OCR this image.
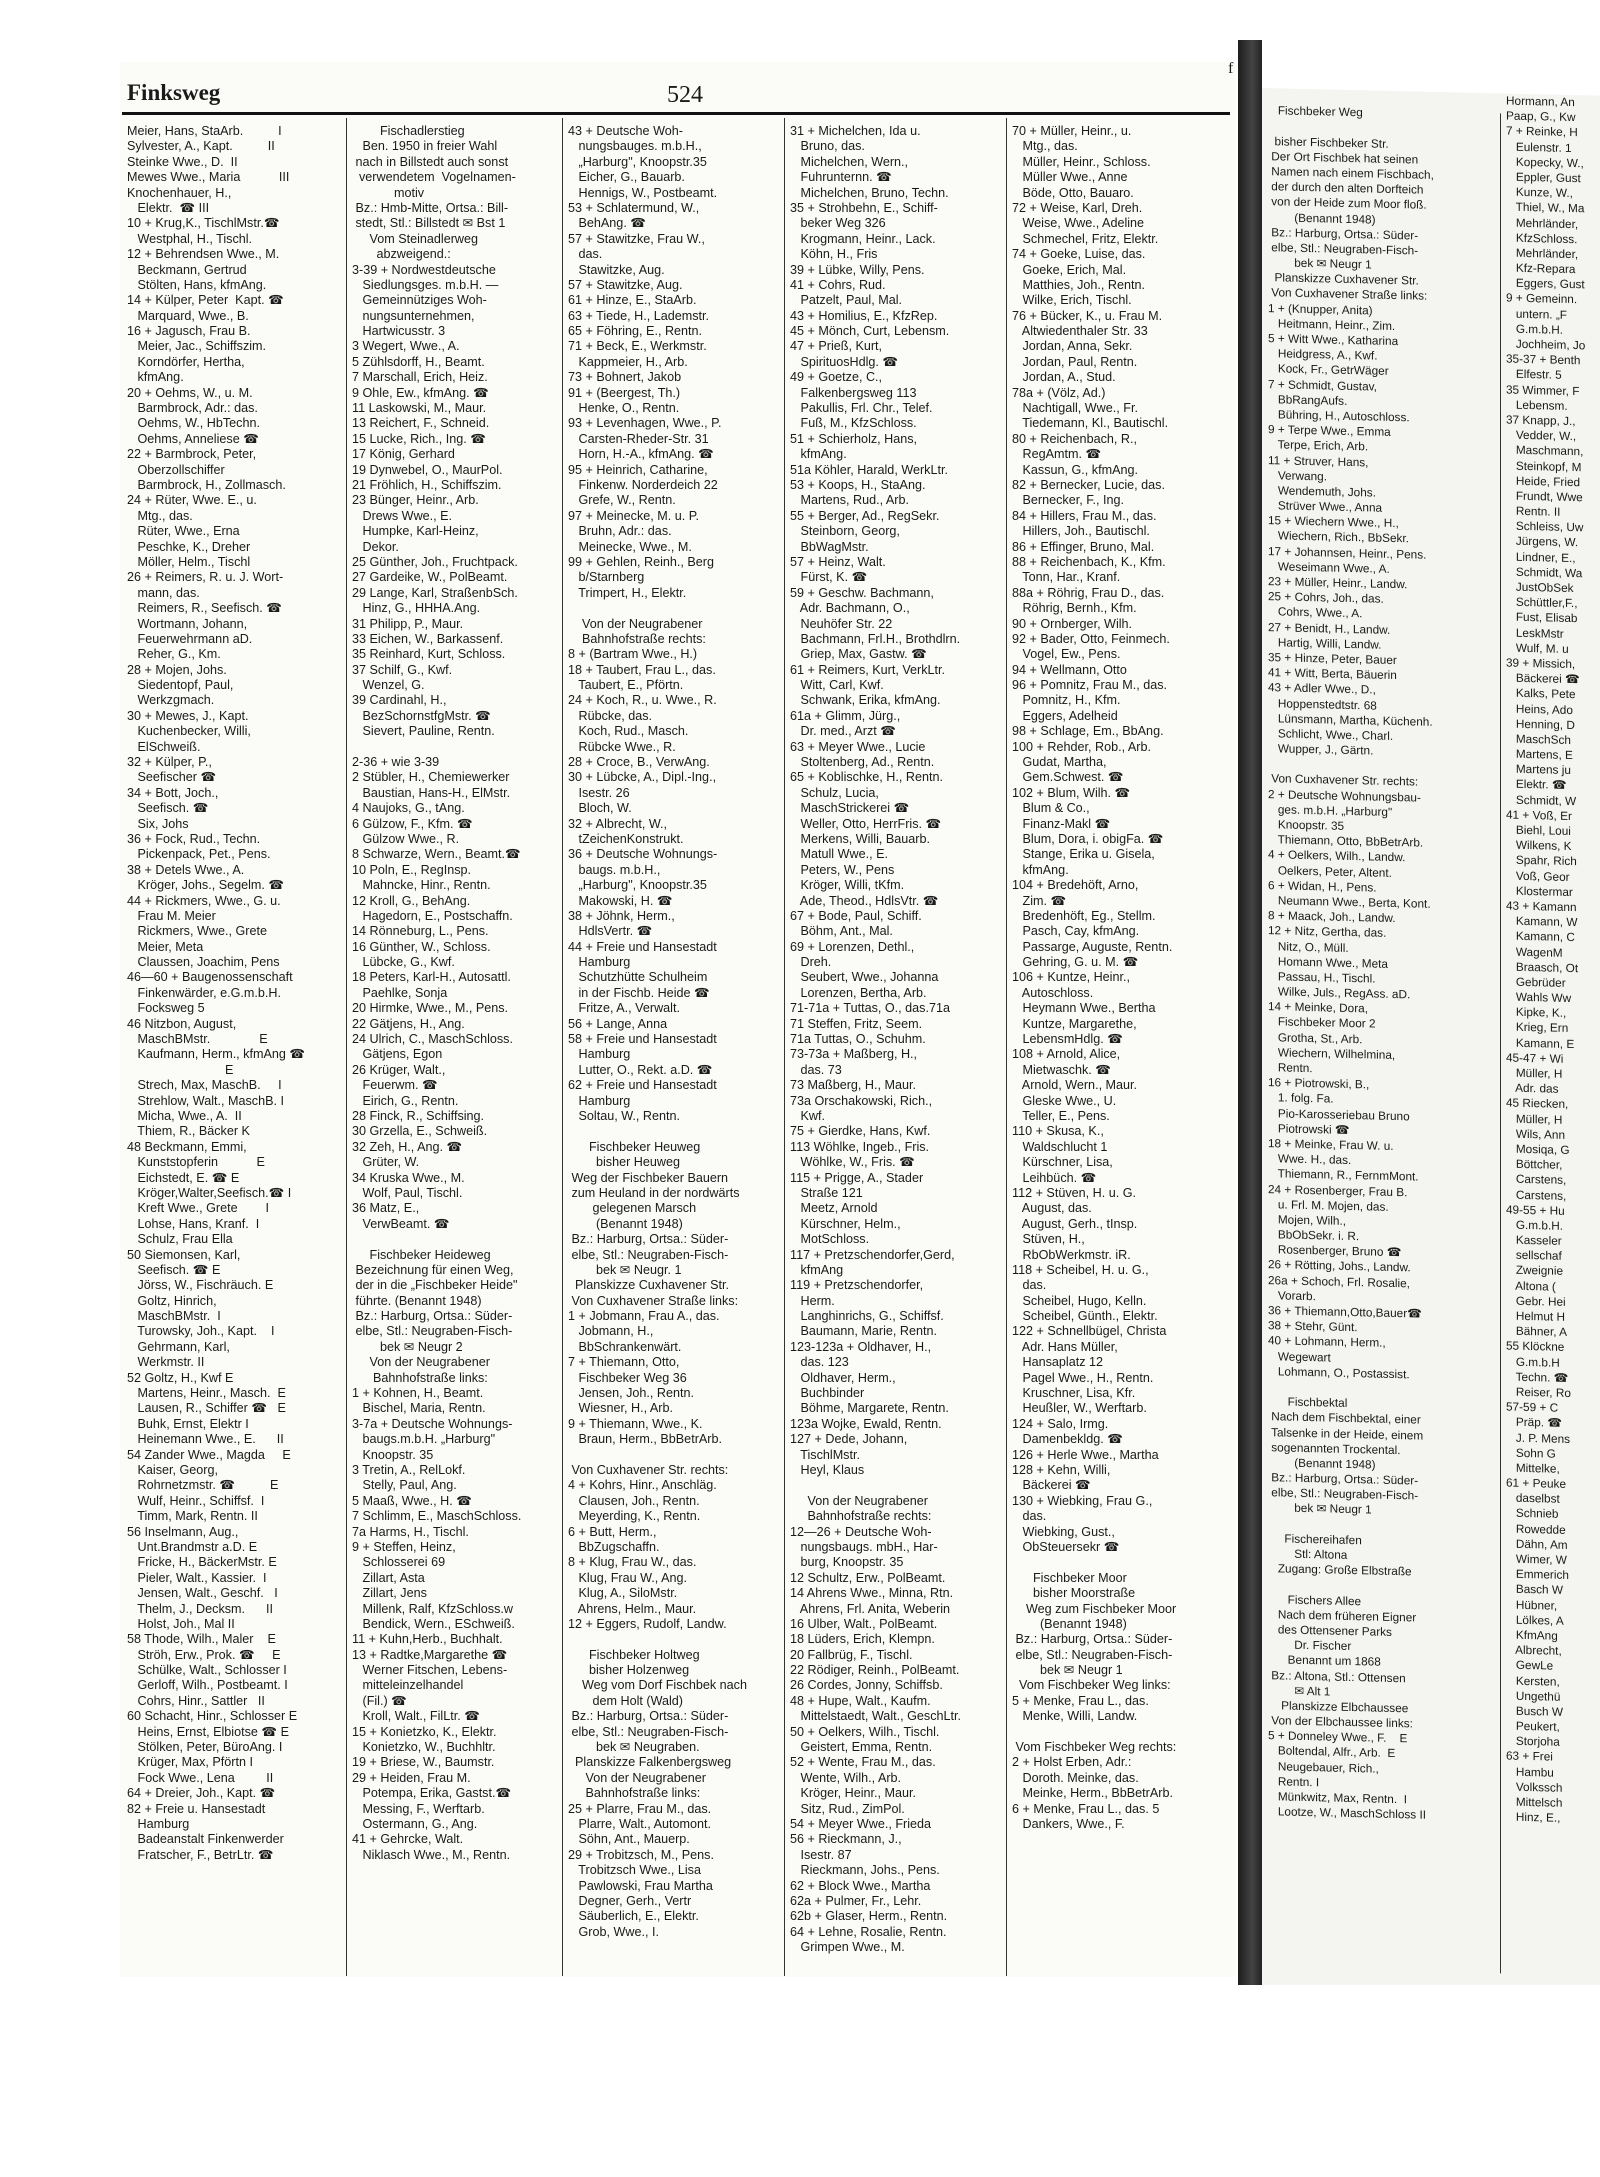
Finksweg	524
f
Meier, Hans, StaArb.          I
Sylvester, A., Kapt.          II
Steinke Wwe., D.  II
Mewes Wwe., Maria           III
Knochenhauer, H.,
Elektr.  ☎ III
10 + Krug,K., TischlMstr.☎
Westphal, H., Tischl.
12 + Behrendsen Wwe., M.
Beckmann, Gertrud
Stölten, Hans, kfmAng.
14 + Külper, Peter  Kapt. ☎
Marquard, Wwe., B.
16 + Jagusch, Frau B.
Meier, Jac., Schiffszim.
Korndörfer, Hertha,
kfmAng.
20 + Oehms, W., u. M.
Barmbrock, Adr.: das.
Oehms, W., HbTechn.
Oehms, Anneliese ☎
22 + Barmbrock, Peter,
Oberzollschiffer
Barmbrock, H., Zollmasch.
24 + Rüter, Wwe. E., u.
Mtg., das.
Rüter, Wwe., Erna
Peschke, K., Dreher
Möller, Helm., Tischl
26 + Reimers, R. u. J. Wort-
mann, das.
Reimers, R., Seefisch. ☎
Wortmann, Johann,
Feuerwehrmann aD.
Reher, G., Km.
28 + Mojen, Johs.
Siedentopf, Paul,
Werkzgmach.
30 + Mewes, J., Kapt.
Kuchenbecker, Willi,
ElSchweiß.
32 + Külper, P.,
Seefischer ☎
34 + Bott, Joch.,
Seefisch. ☎
Six, Johs
36 + Fock, Rud., Techn.
Pickenpack, Pet., Pens.
38 + Detels Wwe., A.
Kröger, Johs., Segelm. ☎
44 + Rickmers, Wwe., G. u.
Frau M. Meier
Rickmers, Wwe., Grete
Meier, Meta
Claussen, Joachim, Pens
46—60 + Baugenossenschaft
Finkenwärder, e.G.m.b.H.
Focksweg 5
46 Nitzbon, August,
MaschBMstr.              E
Kaufmann, Herm., kfmAng ☎
E
Strech, Max, MaschB.     I
Strehlow, Walt., MaschB. I
Micha, Wwe., A.  II
Thiem, R., Bäcker K
48 Beckmann, Emmi,
Kunststopferin           E
Eichstedt, E. ☎ E
Kröger,Walter,Seefisch.☎ I
Kreft Wwe., Grete        I
Lohse, Hans, Kranf.  I
Schulz, Frau Ella
50 Siemonsen, Karl,
Seefisch. ☎ E
Jörss, W., Fischräuch. E
Goltz, Hinrich,
MaschBMstr.  I
Turowsky, Joh., Kapt.    I
Gehrmann, Karl,
Werkmstr. II
52 Goltz, H., Kwf E
Martens, Heinr., Masch.  E
Lausen, R., Schiffer ☎   E
Buhk, Ernst, Elektr I
Heinemann Wwe., E.      II
54 Zander Wwe., Magda     E
Kaiser, Georg,
Rohrnetzmstr. ☎          E
Wulf, Heinr., Schiffsf.  I
Timm, Mark, Rentn. II
56 Inselmann, Aug.,
Unt.Brandmstr a.D. E
Fricke, H., BäckerMstr. E
Pieler, Walt., Kassier.  I
Jensen, Walt., Geschf.   I
Thelm, J., Decksm.      II
Holst, Joh., Mal II
58 Thode, Wilh., Maler    E
Ströh, Erw., Prok. ☎     E
Schülke, Walt., Schlosser I
Gerloff, Wilh., Postbeamt. I
Cohrs, Hinr., Sattler   II
60 Schacht, Hinr., Schlosser E
Heins, Ernst, Elbiotse ☎ E
Stölken, Peter, BüroAng. I
Krüger, Max, Pförtn I
Fock Wwe., Lena         II
64 + Dreier, Joh., Kapt. ☎
82 + Freie u. Hansestadt
Hamburg
Badeanstalt Finkenwerder
Fratscher, F., BetrLtr. ☎
Fischadlerstieg
Ben. 1950 in freier Wahl
nach in Billstedt auch sonst
verwendetem  Vogelnamen-
motiv
Bz.: Hmb-Mitte, Ortsa.: Bill-
stedt, Stl.: Billstedt ✉ Bst 1
Vom Steinadlerweg
abzweigend.:
3-39 + Nordwestdeutsche
Siedlungsges. m.b.H. —
Gemeinnütziges Woh-
nungsunternehmen,
Hartwicusstr. 3
3 Wegert, Wwe., A.
5 Zühlsdorff, H., Beamt.
7 Marschall, Erich, Heiz.
9 Ohle, Ew., kfmAng. ☎
11 Laskowski, M., Maur.
13 Reichert, F., Schneid.
15 Lucke, Rich., Ing. ☎
17 König, Gerhard
19 Dynwebel, O., MaurPol.
21 Fröhlich, H., Schiffszim.
23 Bünger, Heinr., Arb.
Drews Wwe., E.
Humpke, Karl-Heinz,
Dekor.
25 Günther, Joh., Fruchtpack.
27 Gardeike, W., PolBeamt.
29 Lange, Karl, StraßenbSch.
Hinz, G., HHHA.Ang.
31 Philipp, P., Maur.
33 Eichen, W., Barkassenf.
35 Reinhard, Kurt, Schloss.
37 Schilf, G., Kwf.
Wenzel, G.
39 Cardinahl, H.,
BezSchornstfgMstr. ☎
Sievert, Pauline, Rentn.
2-36 + wie 3-39
2 Stübler, H., Chemiewerker
Baustian, Hans-H., ElMstr.
4 Naujoks, G., tAng.
6 Gülzow, F., Kfm. ☎
Gülzow Wwe., R.
8 Schwarze, Wern., Beamt.☎
10 Poln, E., RegInsp.
Mahncke, Hinr., Rentn.
12 Kroll, G., BehAng.
Hagedorn, E., Postschaffn.
14 Rönneburg, L., Pens.
16 Günther, W., Schloss.
Lübcke, G., Kwf.
18 Peters, Karl-H., Autosattl.
Paehlke, Sonja
20 Hirmke, Wwe., M., Pens.
22 Gätjens, H., Ang.
24 Ulrich, C., MaschSchloss.
Gätjens, Egon
26 Krüger, Walt.,
Feuerwm. ☎
Eirich, G., Rentn.
28 Finck, R., Schiffsing.
30 Grzella, E., Schweiß.
32 Zeh, H., Ang. ☎
Grüter, W.
34 Kruska Wwe., M.
Wolf, Paul, Tischl.
36 Matz, E.,
VerwBeamt. ☎
Fischbeker Heideweg
Bezeichnung für einen Weg,
der in die „Fischbeker Heide"
führte. (Benannt 1948)
Bz.: Harburg, Ortsa.: Süder-
elbe, Stl.: Neugraben-Fisch-
bek ✉ Neugr 2
Von der Neugrabener
Bahnhofstraße links:
1 + Kohnen, H., Beamt.
Bischel, Maria, Rentn.
3-7a + Deutsche Wohnungs-
baugs.m.b.H. „Harburg"
Knoopstr. 35
3 Tretin, A., RelLokf.
Stelly, Paul, Ang.
5 Maaß, Wwe., H. ☎
7 Schlimm, E., MaschSchloss.
7a Harms, H., Tischl.
9 + Steffen, Heinz,
Schlosserei 69
Zillart, Asta
Zillart, Jens
Millenk, Ralf, KfzSchloss.w
Bendick, Wern., ESchweiß.
11 + Kuhn,Herb., Buchhalt.
13 + Radtke,Margarethe ☎
Werner Fitschen, Lebens-
mitteleinzelhandel
(Fil.) ☎
Kroll, Walt., FilLtr. ☎
15 + Konietzko, K., Elektr.
Konietzko, W., Buchhltr.
19 + Briese, W., Baumstr.
29 + Heiden, Frau M.
Potempa, Erika, Gastst.☎
Messing, F., Werftarb.
Ostermann, G., Ang.
41 + Gehrcke, Walt.
Niklasch Wwe., M., Rentn.
43 + Deutsche Woh-
nungsbauges. m.b.H.,
„Harburg", Knoopstr.35
Eicher, G., Bauarb.
Hennigs, W., Postbeamt.
53 + Schlatermund, W.,
BehAng. ☎
57 + Stawitzke, Frau W.,
das.
Stawitzke, Aug.
57 + Stawitzke, Aug.
61 + Hinze, E., StaArb.
63 + Tiede, H., Lademstr.
65 + Föhring, E., Rentn.
71 + Beck, E., Werkmstr.
Kappmeier, H., Arb.
73 + Bohnert, Jakob
91 + (Beergest, Th.)
Henke, O., Rentn.
93 + Levenhagen, Wwe., P.
Carsten-Rheder-Str. 31
Horn, H.-A., kfmAng. ☎
95 + Heinrich, Catharine,
Finkenw. Norderdeich 22
Grefe, W., Rentn.
97 + Meinecke, M. u. P.
Bruhn, Adr.: das.
Meinecke, Wwe., M.
99 + Gehlen, Reinh., Berg
b/Starnberg
Trimpert, H., Elektr.
Von der Neugrabener
Bahnhofstraße rechts:
8 + (Bartram Wwe., H.)
18 + Taubert, Frau L., das.
Taubert, E., Pförtn.
24 + Koch, R., u. Wwe., R.
Rübcke, das.
Koch, Rud., Masch.
Rübcke Wwe., R.
28 + Croce, B., VerwAng.
30 + Lübcke, A., Dipl.-Ing.,
Isestr. 26
Bloch, W.
32 + Albrecht, W.,
tZeichenKonstrukt.
36 + Deutsche Wohnungs-
baugs. m.b.H.,
„Harburg", Knoopstr.35
Makowski, H. ☎
38 + Jöhnk, Herm.,
HdlsVertr. ☎
44 + Freie und Hansestadt
Hamburg
Schutzhütte Schulheim
in der Fischb. Heide ☎
Fritze, A., Verwalt.
56 + Lange, Anna
58 + Freie und Hansestadt
Hamburg
Lutter, O., Rekt. a.D. ☎
62 + Freie und Hansestadt
Hamburg
Soltau, W., Rentn.
Fischbeker Heuweg
bisher Heuweg
Weg der Fischbeker Bauern
zum Heuland in der nordwärts
gelegenen Marsch
(Benannt 1948)
Bz.: Harburg, Ortsa.: Süder-
elbe, Stl.: Neugraben-Fisch-
bek ✉ Neugr. 1
Planskizze Cuxhavener Str.
Von Cuxhavener Straße links:
1 + Jobmann, Frau A., das.
Jobmann, H.,
BbSchrankenwärt.
7 + Thiemann, Otto,
Fischbeker Weg 36
Jensen, Joh., Rentn.
Wiesner, H., Arb.
9 + Thiemann, Wwe., K.
Braun, Herm., BbBetrArb.
Von Cuxhavener Str. rechts:
4 + Kohrs, Hinr., Anschläg.
Clausen, Joh., Rentn.
Meyerding, K., Rentn.
6 + Butt, Herm.,
BbZugschaffn.
8 + Klug, Frau W., das.
Klug, Frau W., Ang.
Klug, A., SiloMstr.
Ahrens, Helm., Maur.
12 + Eggers, Rudolf, Landw.
Fischbeker Holtweg
bisher Holzenweg
Weg vom Dorf Fischbek nach
dem Holt (Wald)
Bz.: Harburg, Ortsa.: Süder-
elbe, Stl.: Neugraben-Fisch-
bek ✉ Neugraben.
Planskizze Falkenbergsweg
Von der Neugrabener
Bahnhofstraße links:
25 + Plarre, Frau M., das.
Plarre, Walt., Automont.
Söhn, Ant., Mauerp.
29 + Trobitzsch, M., Pens.
Trobitzsch Wwe., Lisa
Pawlowski, Frau Martha
Degner, Gerh., Vertr
Säuberlich, E., Elektr.
Grob, Wwe., I.
31 + Michelchen, Ida u.
Bruno, das.
Michelchen, Wern.,
Fuhrunternn. ☎
Michelchen, Bruno, Techn.
35 + Strohbehn, E., Schiff-
beker Weg 326
Krogmann, Heinr., Lack.
Köhn, H., Fris
39 + Lübke, Willy, Pens.
41 + Cohrs, Rud.
Patzelt, Paul, Mal.
43 + Homilius, E., KfzRep.
45 + Mönch, Curt, Lebensm.
47 + Prieß, Kurt,
SpirituosHdlg. ☎
49 + Goetze, C.,
Falkenbergsweg 113
Pakullis, Frl. Chr., Telef.
Fuß, M., KfzSchloss.
51 + Schierholz, Hans,
kfmAng.
51a Köhler, Harald, WerkLtr.
53 + Koops, H., StaAng.
Martens, Rud., Arb.
55 + Berger, Ad., RegSekr.
Steinborn, Georg,
BbWagMstr.
57 + Heinz, Walt.
Fürst, K. ☎
59 + Geschw. Bachmann,
Adr. Bachmann, O.,
Neuhöfer Str. 22
Bachmann, Frl.H., Brothdlrn.
Griep, Max, Gastw. ☎
61 + Reimers, Kurt, VerkLtr.
Witt, Carl, Kwf.
Schwank, Erika, kfmAng.
61a + Glimm, Jürg.,
Dr. med., Arzt ☎
63 + Meyer Wwe., Lucie
Stoltenberg, Ad., Rentn.
65 + Koblischke, H., Rentn.
Schulz, Lucia,
MaschStrickerei ☎
Weller, Otto, HerrFris. ☎
Merkens, Willi, Bauarb.
Matull Wwe., E.
Peters, W., Pens
Kröger, Willi, tKfm.
Ade, Theod., HdlsVtr. ☎
67 + Bode, Paul, Schiff.
Böhm, Ant., Mal.
69 + Lorenzen, Dethl.,
Dreh.
Seubert, Wwe., Johanna
Lorenzen, Bertha, Arb.
71-71a + Tuttas, O., das.71a
71 Steffen, Fritz, Seem.
71a Tuttas, O., Schuhm.
73-73a + Maßberg, H.,
das. 73
73 Maßberg, H., Maur.
73a Orschakowski, Rich.,
Kwf.
75 + Gierdke, Hans, Kwf.
113 Wöhlke, Ingeb., Fris.
Wöhlke, W., Fris. ☎
115 + Prigge, A., Stader
Straße 121
Meetz, Arnold
Kürschner, Helm.,
MotSchloss.
117 + Pretzschendorfer,Gerd,
kfmAng
119 + Pretzschendorfer,
Herm.
Langhinrichs, G., Schiffsf.
Baumann, Marie, Rentn.
123-123a + Oldhaver, H.,
das. 123
Oldhaver, Herm.,
Buchbinder
Böhme, Margarete, Rentn.
123a Wojke, Ewald, Rentn.
127 + Dede, Johann,
TischlMstr.
Heyl, Klaus
Von der Neugrabener
Bahnhofstraße rechts:
12—26 + Deutsche Woh-
nungsbaugs. mbH., Har-
burg, Knoopstr. 35
12 Schultz, Erw., PolBeamt.
14 Ahrens Wwe., Minna, Rtn.
Ahrens, Frl. Anita, Weberin
16 Ulber, Walt., PolBeamt.
18 Lüders, Erich, Klempn.
20 Fallbrüg, F., Tischl.
22 Rödiger, Reinh., PolBeamt.
26 Cordes, Jonny, Schiffsb.
48 + Hupe, Walt., Kaufm.
Mittelstaedt, Walt., GeschLtr.
50 + Oelkers, Wilh., Tischl.
Geistert, Emma, Rentn.
52 + Wente, Frau M., das.
Wente, Wilh., Arb.
Kröger, Heinr., Maur.
Sitz, Rud., ZimPol.
54 + Meyer Wwe., Frieda
56 + Rieckmann, J.,
Isestr. 87
Rieckmann, Johs., Pens.
62 + Block Wwe., Martha
62a + Pulmer, Fr., Lehr.
62b + Glaser, Herm., Rentn.
64 + Lehne, Rosalie, Rentn.
Grimpen Wwe., M.
70 + Müller, Heinr., u.
Mtg., das.
Müller, Heinr., Schloss.
Müller Wwe., Anne
Böde, Otto, Bauaro.
72 + Weise, Karl, Dreh.
Weise, Wwe., Adeline
Schmechel, Fritz, Elektr.
74 + Goeke, Luise, das.
Goeke, Erich, Mal.
Matthies, Joh., Rentn.
Wilke, Erich, Tischl.
76 + Bücker, K., u. Frau M.
Altwiedenthaler Str. 33
Jordan, Anna, Sekr.
Jordan, Paul, Rentn.
Jordan, A., Stud.
78a + (Völz, Ad.)
Nachtigall, Wwe., Fr.
Tiedemann, Kl., Bautischl.
80 + Reichenbach, R.,
RegAmtm. ☎
Kassun, G., kfmAng.
82 + Bernecker, Lucie, das.
Bernecker, F., Ing.
84 + Hillers, Frau M., das.
Hillers, Joh., Bautischl.
86 + Effinger, Bruno, Mal.
88 + Reichenbach, K., Kfm.
Tonn, Har., Kranf.
88a + Röhrig, Frau D., das.
Röhrig, Bernh., Kfm.
90 + Ornberger, Wilh.
92 + Bader, Otto, Feinmech.
Vogel, Ew., Pens.
94 + Wellmann, Otto
96 + Pomnitz, Frau M., das.
Pomnitz, H., Kfm.
Eggers, Adelheid
98 + Schlage, Em., BbAng.
100 + Rehder, Rob., Arb.
Gudat, Martha,
Gem.Schwest. ☎
102 + Blum, Wilh. ☎
Blum & Co.,
Finanz-Makl ☎
Blum, Dora, i. obigFa. ☎
Stange, Erika u. Gisela,
kfmAng.
104 + Bredehöft, Arno,
Zim. ☎
Bredenhöft, Eg., Stellm.
Pasch, Cay, kfmAng.
Passarge, Auguste, Rentn.
Gehring, G. u. M. ☎
106 + Kuntze, Heinr.,
Autoschloss.
Heymann Wwe., Bertha
Kuntze, Margarethe,
LebensmHdlg. ☎
108 + Arnold, Alice,
Mietwaschk. ☎
Arnold, Wern., Maur.
Gleske Wwe., U.
Teller, E., Pens.
110 + Skusa, K.,
Waldschlucht 1
Kürschner, Lisa,
Leihbüch. ☎
112 + Stüven, H. u. G.
August, das.
August, Gerh., tInsp.
Stüven, H.,
RbObWerkmstr. iR.
118 + Scheibel, H. u. G.,
das.
Scheibel, Hugo, Kelln.
Scheibel, Günth., Elektr.
122 + Schnellbügel, Christa
Adr. Hans Müller,
Hansaplatz 12
Pagel Wwe., H., Rentn.
Kruschner, Lisa, Kfr.
Heußler, W., Werftarb.
124 + Salo, Irmg.
Damenbekldg. ☎
126 + Herle Wwe., Martha
128 + Kehn, Willi,
Bäckerei ☎
130 + Wiebking, Frau G.,
das.
Wiebking, Gust.,
ObSteuersekr ☎
Fischbeker Moor
bisher Moorstraße
Weg zum Fischbeker Moor
(Benannt 1948)
Bz.: Harburg, Ortsa.: Süder-
elbe, Stl.: Neugraben-Fisch-
bek ✉ Neugr 1
Vom Fischbeker Weg links:
5 + Menke, Frau L., das.
Menke, Willi, Landw.
Vom Fischbeker Weg rechts:
2 + Holst Erben, Adr.:
Doroth. Meinke, das.
Meinke, Herm., BbBetrArb.
6 + Menke, Frau L., das. 5
Dankers, Wwe., F.
Fischbeker Weg
bisher Fischbeker Str.
Der Ort Fischbek hat seinen
Namen nach einem Fischbach,
der durch den alten Dorfteich
von der Heide zum Moor floß.
(Benannt 1948)
Bz.: Harburg, Ortsa.: Süder-
elbe, Stl.: Neugraben-Fisch-
bek ✉ Neugr 1
Planskizze Cuxhavener Str.
Von Cuxhavener Straße links:
1 + (Knupper, Anita)
Heitmann, Heinr., Zim.
5 + Witt Wwe., Katharina
Heidgress, A., Kwf.
Kock, Fr., GetrWäger
7 + Schmidt, Gustav,
BbRangAufs.
Bühring, H., Autoschloss.
9 + Terpe Wwe., Emma
Terpe, Erich, Arb.
11 + Struver, Hans,
Verwang.
Wendemuth, Johs.
Strüver Wwe., Anna
15 + Wiechern Wwe., H.,
Wiechern, Rich., BbSekr.
17 + Johannsen, Heinr., Pens.
Weseimann Wwe., A.
23 + Müller, Heinr., Landw.
25 + Cohrs, Joh., das.
Cohrs, Wwe., A.
27 + Benidt, H., Landw.
Hartig, Willi, Landw.
35 + Hinze, Peter, Bauer
41 + Witt, Berta, Bäuerin
43 + Adler Wwe., D.,
Hoppenstedtstr. 68
Lünsmann, Martha, Küchenh.
Schlicht, Wwe., Charl.
Wupper, J., Gärtn.
Von Cuxhavener Str. rechts:
2 + Deutsche Wohnungsbau-
ges. m.b.H. „Harburg"
Knoopstr. 35
Thiemann, Otto, BbBetrArb.
4 + Oelkers, Wilh., Landw.
Oelkers, Peter, Altent.
6 + Widan, H., Pens.
Neumann Wwe., Berta, Kont.
8 + Maack, Joh., Landw.
12 + Nitz, Gertha, das.
Nitz, O., Müll.
Homann Wwe., Meta
Passau, H., Tischl.
Wilke, Juls., RegAss. aD.
14 + Meinke, Dora,
Fischbeker Moor 2
Grotha, St., Arb.
Wiechern, Wilhelmina,
Rentn.
16 + Piotrowski, B.,
1. folg. Fa.
Pio-Karosseriebau Bruno
Piotrowski ☎
18 + Meinke, Frau W. u.
Wwe. H., das.
Thiemann, R., FernmMont.
24 + Rosenberger, Frau B.
u. Frl. M. Mojen, das.
Mojen, Wilh.,
BbObSekr. i. R.
Rosenberger, Bruno ☎
26 + Rötting, Johs., Landw.
26a + Schoch, Frl. Rosalie,
Vorarb.
36 + Thiemann,Otto,Bauer☎
38 + Stehr, Günt.
40 + Lohmann, Herm.,
Wegewart
Lohmann, O., Postassist.
Fischbektal
Nach dem Fischbektal, einer
Talsenke in der Heide, einem
sogenannten Trockental.
(Benannt 1948)
Bz.: Harburg, Ortsa.: Süder-
elbe, Stl.: Neugraben-Fisch-
bek ✉ Neugr 1
Fischereihafen
Stl: Altona
Zugang: Große Elbstraße
Fischers Allee
Nach dem früheren Eigner
des Ottensener Parks
Dr. Fischer
Benannt um 1868
Bz.: Altona, Stl.: Ottensen
✉ Alt 1
Planskizze Elbchaussee
Von der Elbchaussee links:
5 + Donneley Wwe., F.    E
Boltendal, Alfr., Arb.  E
Neugebauer, Rich.,
Rentn. I
Münkwitz, Max, Rentn.  I
Lootze, W., MaschSchloss II
Hormann, An
Paap, G., Kw
7 + Reinke, H
Eulenstr. 1
Kopecky, W.,
Eppler, Gust
Kunze, W.,
Thiel, W., Ma
Mehrländer,
KfzSchloss.
Mehrländer,
Kfz-Repara
Eggers, Gust
9 + Gemeinn.
untern. „F
G.m.b.H.
Jochheim, Jo
35-37 + Benth
Elfestr. 5
35 Wimmer, F
Lebensm.
37 Knapp, J.,
Vedder, W.,
Maschmann,
Steinkopf, M
Heide, Fried
Frundt, Wwe
Rentn. II
Schleiss, Uw
Jürgens, W.
Lindner, E.,
Schmidt, Wa
JustObSek
Schüttler,F.,
Fust, Elisab
LeskMstr
Wulf, M. u
39 + Missich,
Bäckerei ☎
Kalks, Pete
Heins, Ado
Henning, D
MaschSch
Martens, E
Martens ju
Elektr. ☎
Schmidt, W
41 + Voß, Er
Biehl, Loui
Wilkens, K
Spahr, Rich
Voß, Geor
Klostermar
43 + Kamann
Kamann, W
Kamann, C
WagenM
Braasch, Ot
Gebrüder
Wahls Ww
Kipke, K.,
Krieg, Ern
Kamann, E
45-47 + Wi
Müller, H
Adr. das
45 Riecken,
Müller, H
Wils, Ann
Mosiqa, G
Böttcher,
Carstens,
Carstens,
49-55 + Hu
G.m.b.H.
Kasseler
sellschaf
Zweignie
Altona (
Gebr. Hei
Helmut H
Bähner, A
55 Klöckne
G.m.b.H
Techn. ☎
Reiser, Ro
57-59 + C
Präp. ☎
J. P. Mens
Sohn G
Mittelke,
61 + Peuke
daselbst
Schnieb
Rowedde
Dähn, Am
Wimer, W
Emmerich
Basch W
Hübner,
Lölkes, A
KfmAng
Albrecht,
GewLe
Kersten,
Ungethü
Busch W
Peukert,
Storjoha
63 + Frei
Hambu
Volkssch
Mittelsch
Hinz, E.,
